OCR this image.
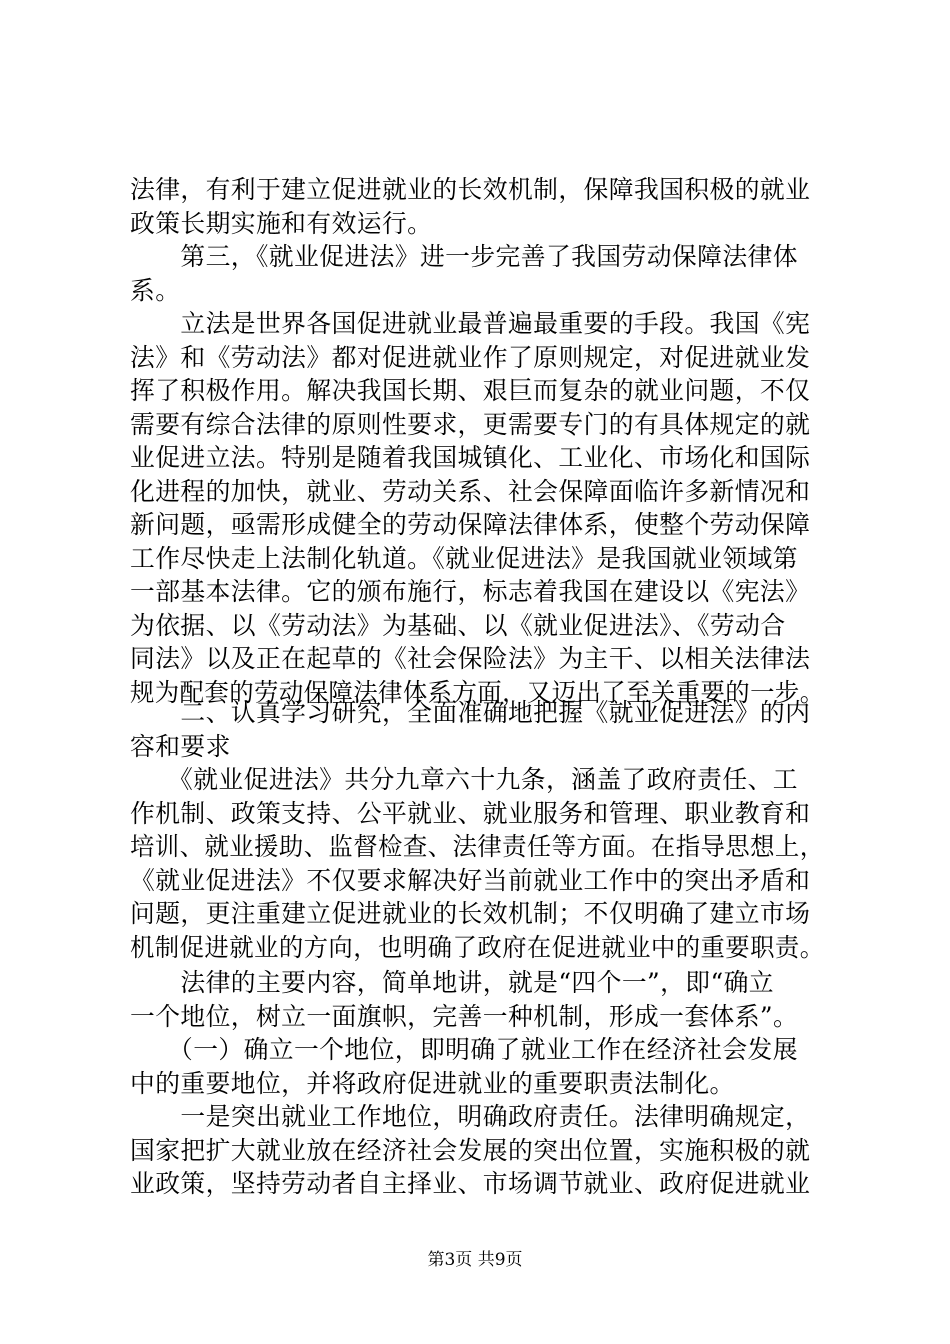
法律，有利于建立促进就业的长效机制，保障我国积极的就业
政策长期实施和有效运行。
　　第三，《就业促进法》进一步完善了我国劳动保障法律体
系。
　　立法是世界各国促进就业最普遍最重要的手段。我国《宪
法》和《劳动法》都对促进就业作了原则规定，对促进就业发
挥了积极作用。解决我国长期、艰巨而复杂的就业问题，不仅
需要有综合法律的原则性要求，更需要专门的有具体规定的就
业促进立法。特别是随着我国城镇化、工业化、市场化和国际
化进程的加快，就业、劳动关系、社会保障面临许多新情况和
新问题，亟需形成健全的劳动保障法律体系，使整个劳动保障
工作尽快走上法制化轨道。《就业促进法》是我国就业领域第
一部基本法律。它的颁布施行，标志着我国在建设以《宪法》
为依据、以《劳动法》为基础、以《就业促进法》、《劳动合
同法》以及正在起草的《社会保险法》为主干、以相关法律法
规为配套的劳动保障法律体系方面，又迈出了至关重要的一步。
　　二、认真学习研究，全面准确地把握《就业促进法》的内
容和要求
　　《就业促进法》共分九章六十九条，涵盖了政府责任、工
作机制、政策支持、公平就业、就业服务和管理、职业教育和
培训、就业援助、监督检查、法律责任等方面。在指导思想上，
《就业促进法》不仅要求解决好当前就业工作中的突出矛盾和
问题，更注重建立促进就业的长效机制；不仅明确了建立市场
机制促进就业的方向，也明确了政府在促进就业中的重要职责。
　　法律的主要内容，简单地讲，就是“四个一”，即“确立
一个地位，树立一面旗帜，完善一种机制，形成一套体系”。
　　（一）确立一个地位，即明确了就业工作在经济社会发展
中的重要地位，并将政府促进就业的重要职责法制化。
　　一是突出就业工作地位，明确政府责任。法律明确规定，
国家把扩大就业放在经济社会发展的突出位置，实施积极的就
业政策，坚持劳动者自主择业、市场调节就业、政府促进就业
第3页 共9页
